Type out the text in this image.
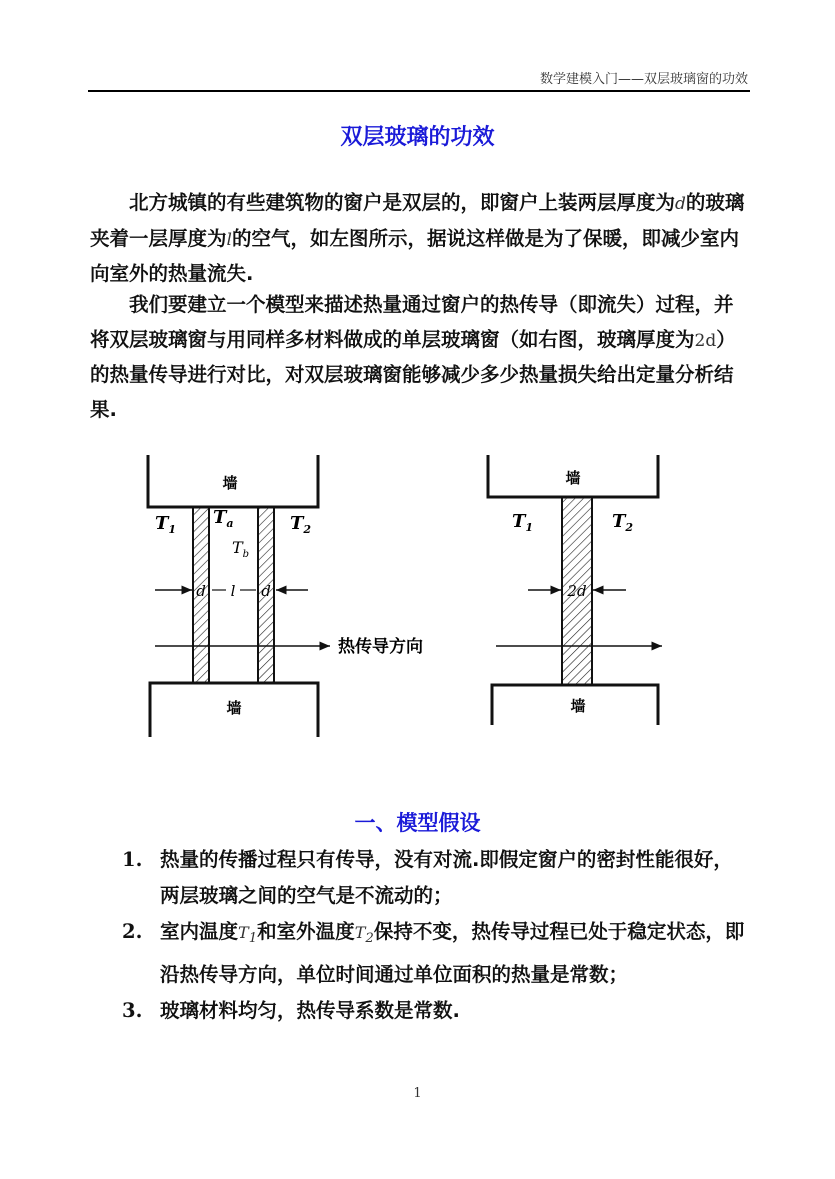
数学建模入门——双层玻璃窗的功效
双层玻璃的功效

北方城镇的有些建筑物的窗户是双层的，即窗户上装两层厚度为d的玻璃夹着一层厚度为l的空气，如左图所示，据说这样做是为了保暖，即减少室内向室外的热量流失.

我们要建立一个模型来描述热量通过窗户的热传导（即流失）过程，并将双层玻璃窗与用同样多材料做成的单层玻璃窗（如右图，玻璃厚度为2d）的热量传导进行对比，对双层玻璃窗能够减少多少热量损失给出定量分析结果.

墙
墙
$T_1$
$T_a$
$T_b$
$T_2$
d l d
热传导方向
墙
墙
$T_1$	$T_2$
2d
一、模型假设
1. 热量的传播过程只有传导，没有对流.即假定窗户的密封性能很好，两层玻璃之间的空气是不流动的；
2. 室内温度$T_1$和室外温度$T_2$保持不变，热传导过程已处于稳定状态，即沿热传导方向，单位时间通过单位面积的热量是常数；
3. 玻璃材料均匀，热传导系数是常数.
1
